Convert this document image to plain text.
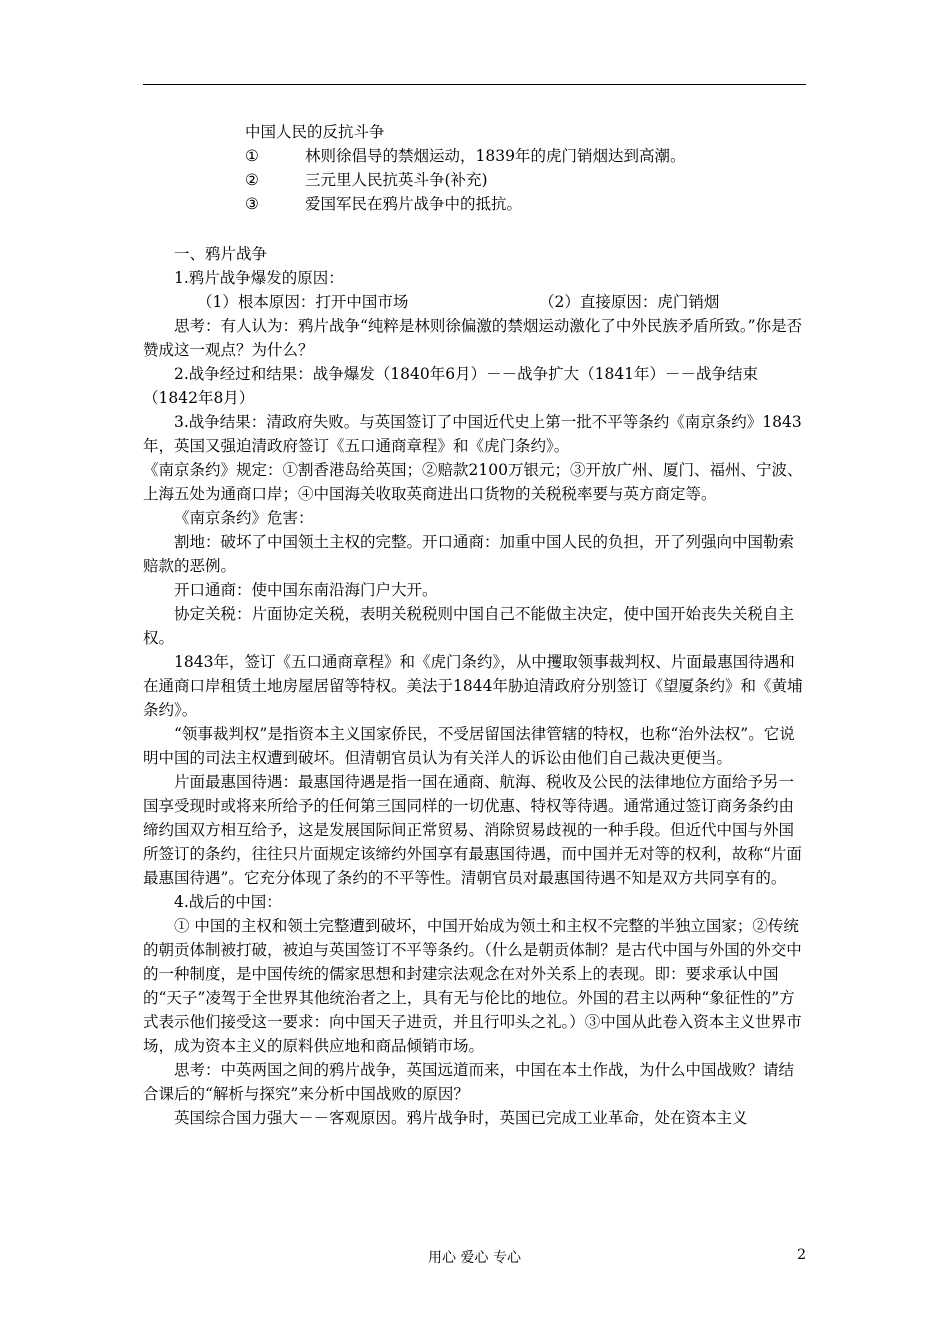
中国人民的反抗斗争

①	林则徐倡导的禁烟运动，1839年的虎门销烟达到高潮。
②	三元里人民抗英斗争(补充)
③	爱国军民在鸦片战争中的抵抗。

一、鸦片战争

1.鸦片战争爆发的原因：

（1）根本原因：打开中国市场	（2）直接原因：虎门销烟

思考：有人认为：鸦片战争“纯粹是林则徐偏激的禁烟运动激化了中外民族矛盾所致。”你是否赞成这一观点？为什么？

2.战争经过和结果：战争爆发（1840年6月）－－战争扩大（1841年）－－战争结束（1842年8月）

3.战争结果：清政府失败。与英国签订了中国近代史上第一批不平等条约《南京条约》1843年，英国又强迫清政府签订《五口通商章程》和《虎门条约》。

《南京条约》规定：①割香港岛给英国；②赔款2100万银元；③开放广州、厦门、福州、宁波、上海五处为通商口岸；④中国海关收取英商进出口货物的关税税率要与英方商定等。

《南京条约》危害：

割地：破坏了中国领土主权的完整。开口通商：加重中国人民的负担，开了列强向中国勒索赔款的恶例。

开口通商：使中国东南沿海门户大开。

协定关税：片面协定关税，表明关税税则中国自己不能做主决定，使中国开始丧失关税自主权。

1843年，签订《五口通商章程》和《虎门条约》，从中攫取领事裁判权、片面最惠国待遇和在通商口岸租赁土地房屋居留等特权。美法于1844年胁迫清政府分别签订《望厦条约》和《黄埔条约》。

“领事裁判权”是指资本主义国家侨民，不受居留国法律管辖的特权，也称“治外法权”。它说明中国的司法主权遭到破坏。但清朝官员认为有关洋人的诉讼由他们自己裁决更便当。

片面最惠国待遇：最惠国待遇是指一国在通商、航海、税收及公民的法律地位方面给予另一国享受现时或将来所给予的任何第三国同样的一切优惠、特权等待遇。通常通过签订商务条约由缔约国双方相互给予，这是发展国际间正常贸易、消除贸易歧视的一种手段。但近代中国与外国所签订的条约，往往只片面规定该缔约外国享有最惠国待遇，而中国并无对等的权利，故称“片面最惠国待遇”。它充分体现了条约的不平等性。清朝官员对最惠国待遇不知是双方共同享有的。

4.战后的中国：

① 中国的主权和领土完整遭到破坏，中国开始成为领土和主权不完整的半独立国家；②传统的朝贡体制被打破，被迫与英国签订不平等条约。（什么是朝贡体制？是古代中国与外国的外交中的一种制度，是中国传统的儒家思想和封建宗法观念在对外关系上的表现。即：要求承认中国的“天子”凌驾于全世界其他统治者之上，具有无与伦比的地位。外国的君主以两种“象征性的”方式表示他们接受这一要求：向中国天子进贡，并且行叩头之礼。）③中国从此卷入资本主义世界市场，成为资本主义的原料供应地和商品倾销市场。

思考：中英两国之间的鸦片战争，英国远道而来，中国在本土作战，为什么中国战败？请结合课后的“解析与探究”来分析中国战败的原因？

英国综合国力强大－－客观原因。鸦片战争时，英国已完成工业革命，处在资本主义

用心 爱心 专心	2
